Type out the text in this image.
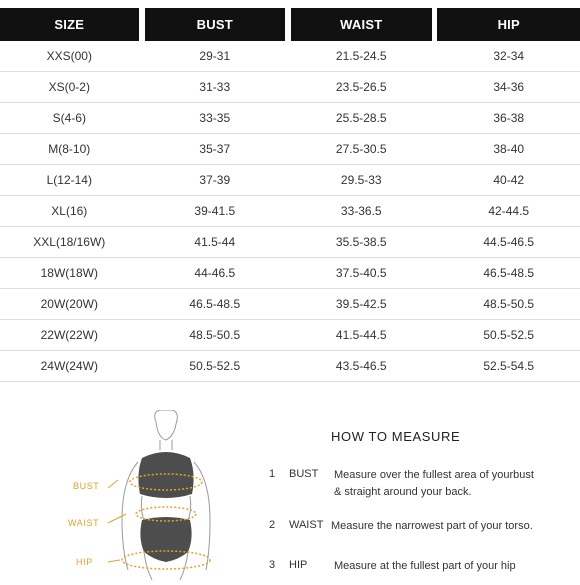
SIZE	BUST	WAIST	HIP
XXS(00)	29-31	21.5-24.5	32-34
XS(0-2)	31-33	23.5-26.5	34-36
S(4-6)	33-35	25.5-28.5	36-38
M(8-10)	35-37	27.5-30.5	38-40
L(12-14)	37-39	29.5-33	40-42
XL(16)	39-41.5	33-36.5	42-44.5
XXL(18/16W)	41.5-44	35.5-38.5	44.5-46.5
18W(18W)	44-46.5	37.5-40.5	46.5-48.5
20W(20W)	46.5-48.5	39.5-42.5	48.5-50.5
22W(22W)	48.5-50.5	41.5-44.5	50.5-52.5
24W(24W)	50.5-52.5	43.5-46.5	52.5-54.5
BUST
WAIST
HIP
HOW TO MEASURE
1 BUST Measure over the fullest area of yourbust & straight around your back.
2 WAIST Measure the narrowest part of your torso.
3 HIP Measure at the fullest part of your hip
